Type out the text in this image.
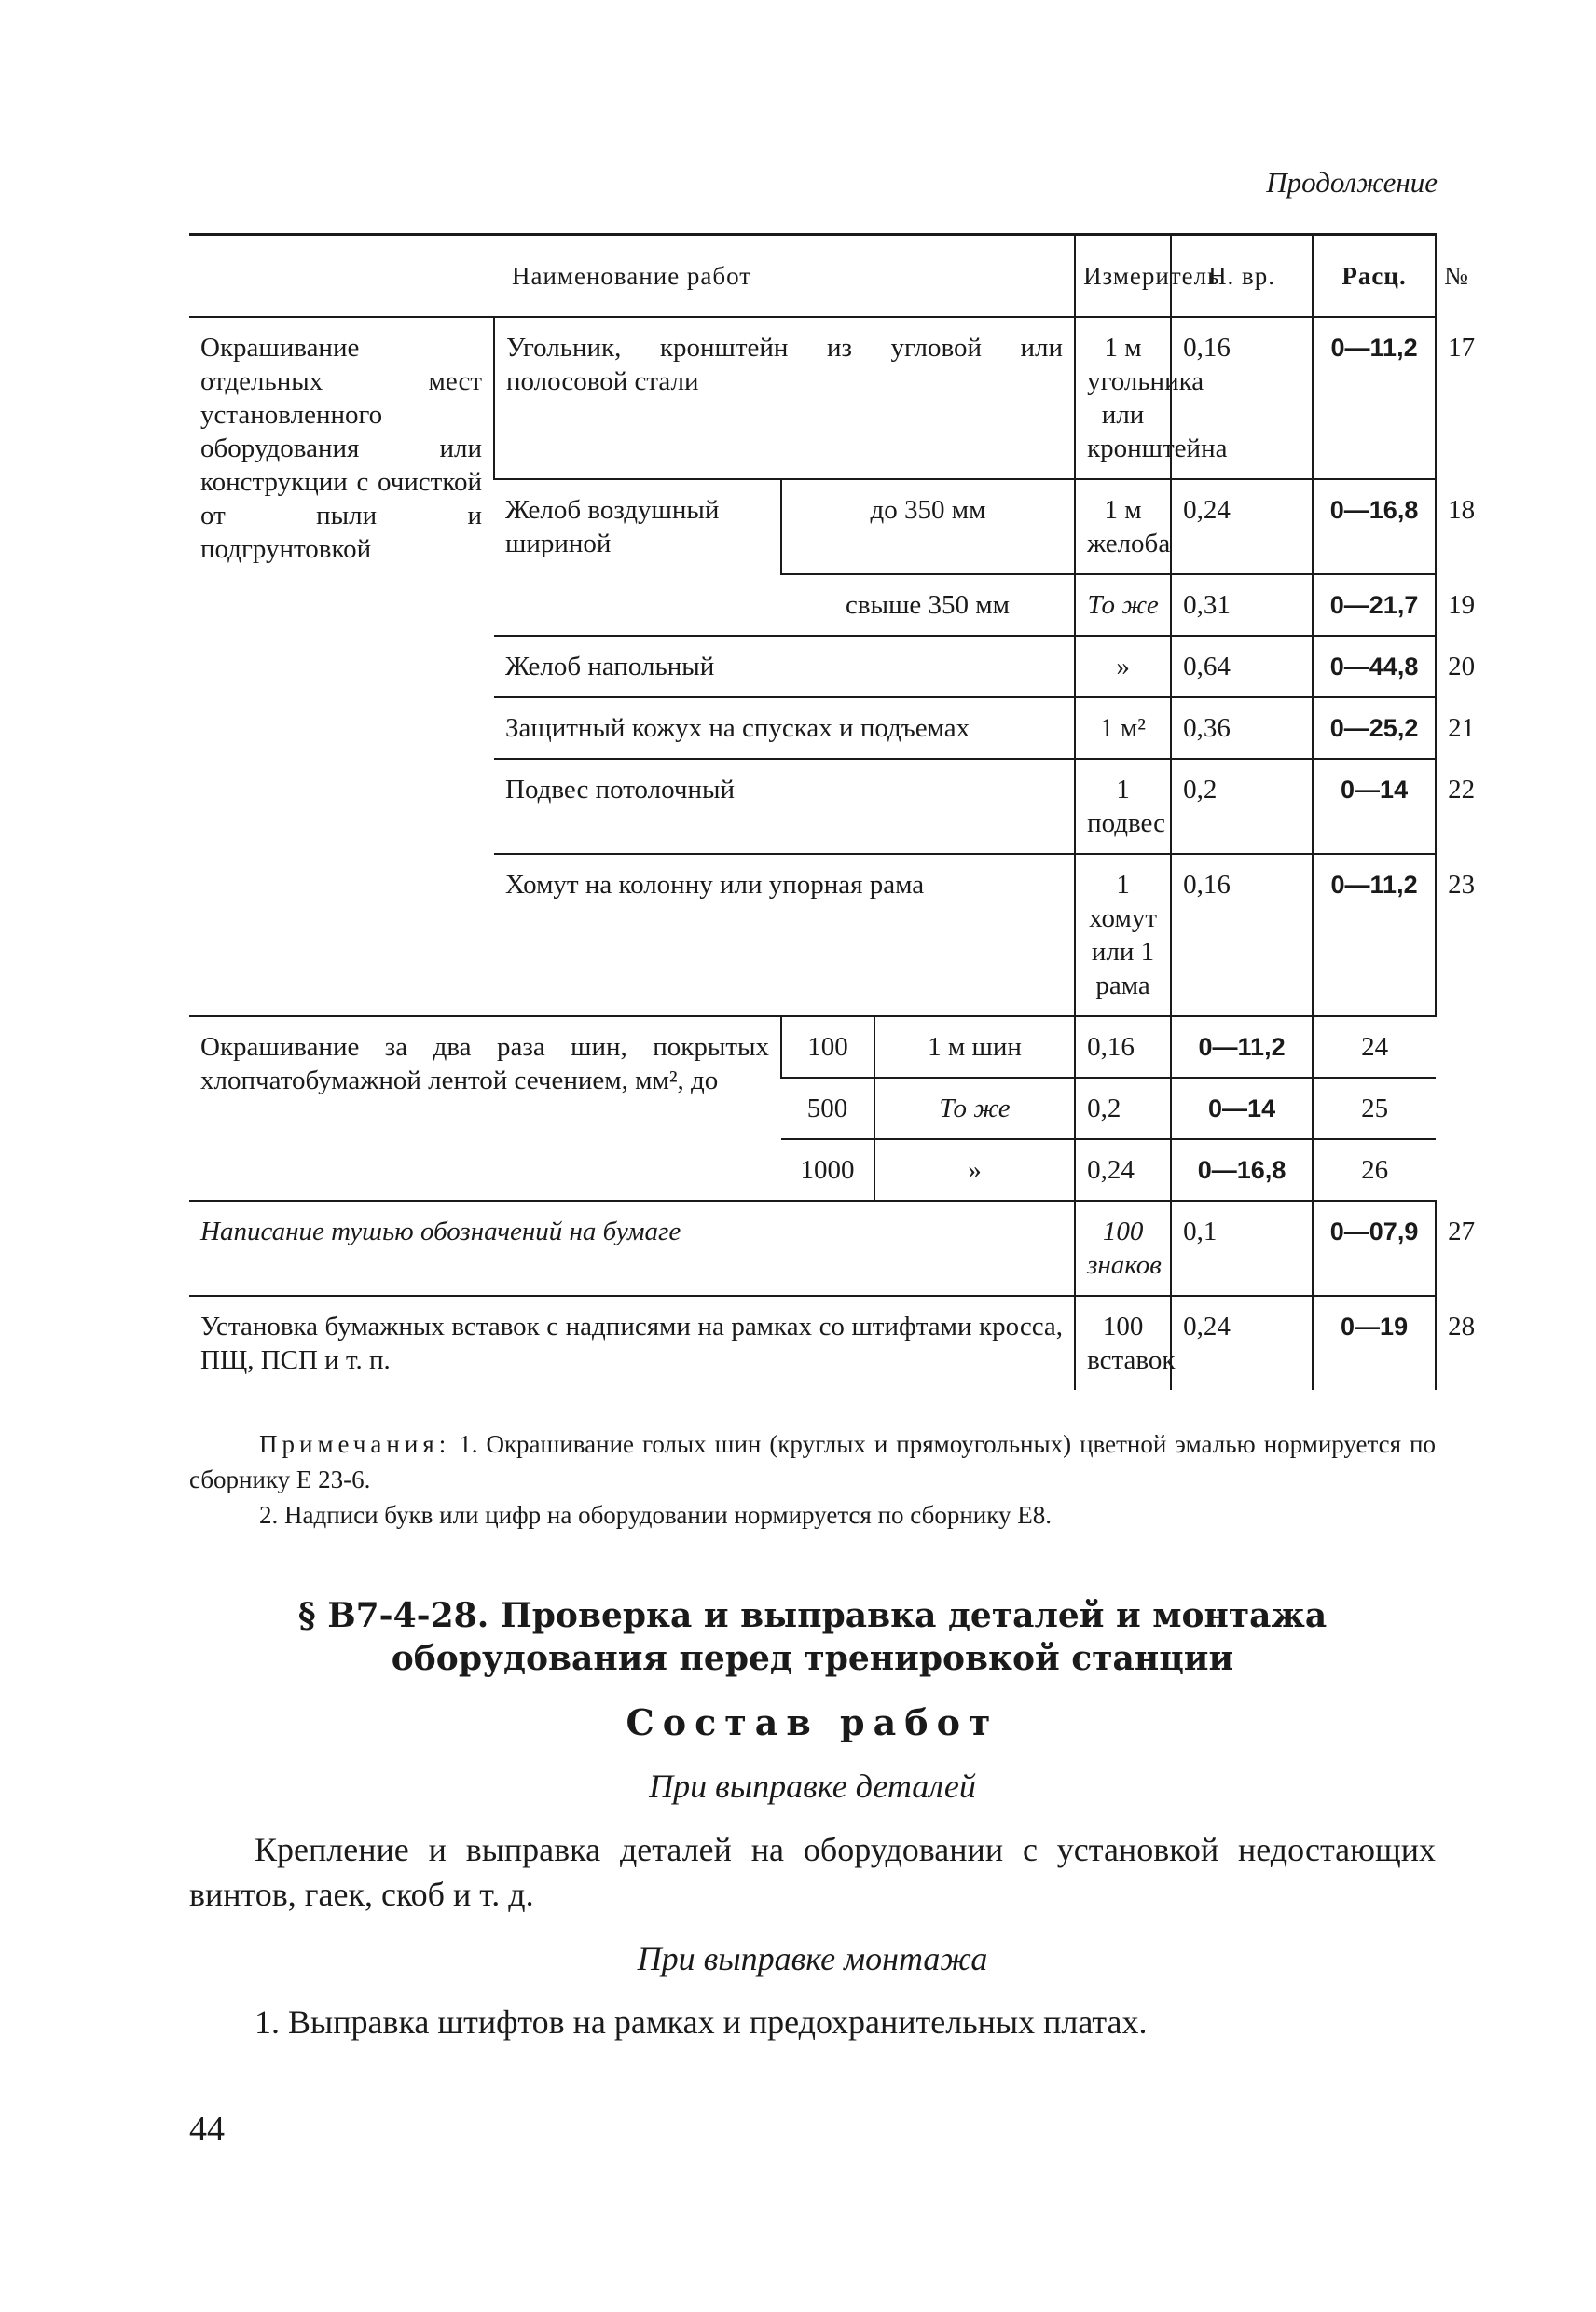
Продолжение
Наименование работ				Измеритель	Н. вр.	Расц.	№
Окрашивание отдельных мест установленного оборудования или конструкции с очисткой от пыли и подгрунтовкой	Угольник, кронштейн из угловой или полосовой стали			1 м угольника или кронштейна	0,16	0—11,2	17
	Желоб воздушный шириной	до 350 мм		1 м желоба	0,24	0—16,8	18
		свыше 350 мм		То же	0,31	0—21,7	19
	Желоб напольный			»	0,64	0—44,8	20
	Защитный кожух на спусках и подъемах			1 м²	0,36	0—25,2	21
	Подвес потолочный			1 подвес	0,2	0—14	22
	Хомут на колонну или упорная рама			1 хомут или 1 рама	0,16	0—11,2	23
Окрашивание за два раза шин, покрытых хлопчатобумажной лентой сечением, мм², до		100	1 м шин	0,16	0—11,2	24	
		500	То же	0,2	0—14	25	
		1000	»	0,24	0—16,8	26	
Написание тушью обозначений на бумаге				100 знаков	0,1	0—07,9	27
Установка бумажных вставок с надписями на рамках со штифтами кросса, ПЩ, ПСП и т. п.				100 вставок	0,24	0—19	28

Примечания: 1. Окрашивание голых шин (круглых и прямоугольных) цветной эмалью нормируется по сборнику Е 23-6.

2. Надписи букв или цифр на оборудовании нормируется по сборнику Е8.

§ В7-4-28. Проверка и выправка деталей и монтажа
оборудования перед тренировкой станции
Состав работ
При выправке деталей
Крепление и выправка деталей на оборудовании с установкой недостающих винтов, гаек, скоб и т. д.
При выправке монтажа
1. Выправка штифтов на рамках и предохранительных платах.
44
